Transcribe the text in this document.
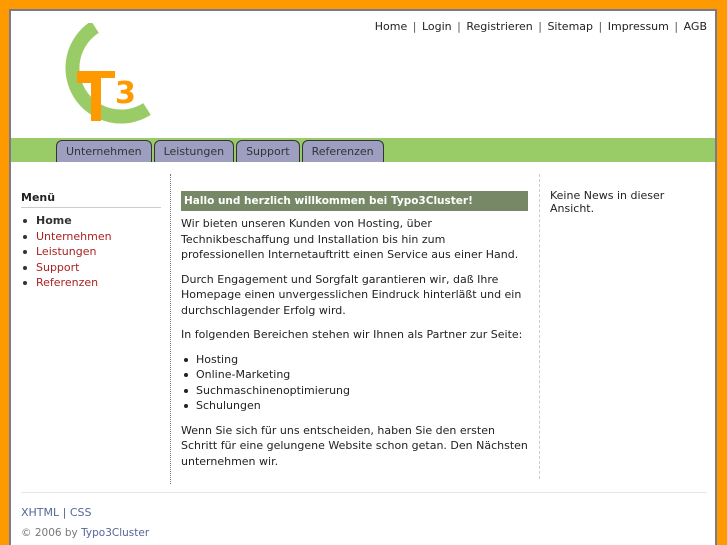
3
Home | Login | Registrieren | Sitemap | Impressum | AGB
Unternehmen	Leistungen	Support	Referenzen
Menü
Home
Unternehmen
Leistungen
Support
Referenzen
Hallo und herzlich willkommen bei Typo3Cluster!

Wir bieten unseren Kunden von Hosting, über Technikbeschaffung und Installation bis hin zum professionellen Internetauftritt einen Service aus einer Hand.

Durch Engagement und Sorgfalt garantieren wir, daß Ihre Homepage einen unvergesslichen Eindruck hinterläßt und ein durchschlagender Erfolg wird.

In folgenden Bereichen stehen wir Ihnen als Partner zur Seite:

Hosting
Online-Marketing
Suchmaschinenoptimierung
Schulungen

Wenn Sie sich für uns entscheiden, haben Sie den ersten Schritt für eine gelungene Website schon getan. Den Nächsten unternehmen wir.

Keine News in dieser Ansicht.
XHTML | CSS
© 2006 by Typo3Cluster
